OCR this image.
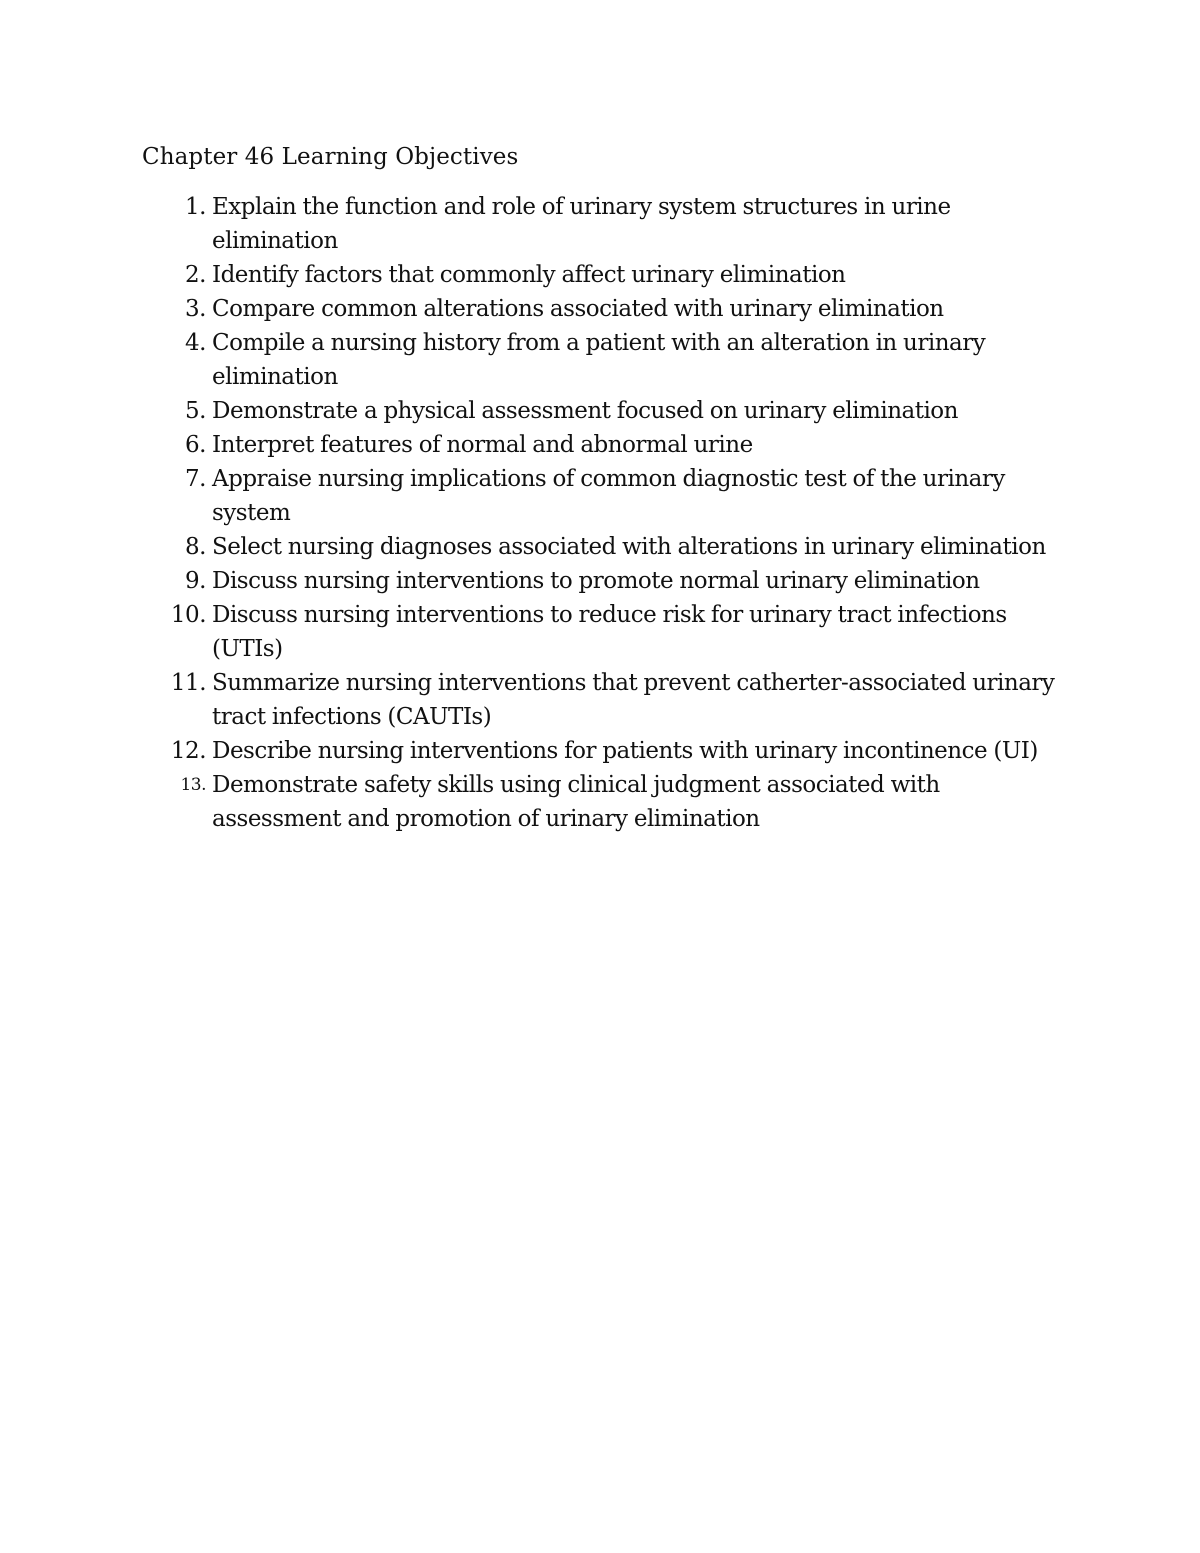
Chapter 46 Learning Objectives
1. Explain the function and role of urinary system structures in urine elimination
2. Identify factors that commonly affect urinary elimination
3. Compare common alterations associated with urinary elimination
4. Compile a nursing history from a patient with an alteration in urinary elimination
5. Demonstrate a physical assessment focused on urinary elimination
6. Interpret features of normal and abnormal urine
7. Appraise nursing implications of common diagnostic test of the urinary system
8. Select nursing diagnoses associated with alterations in urinary elimination
9. Discuss nursing interventions to promote normal urinary elimination
10. Discuss nursing interventions to reduce risk for urinary tract infections (UTIs)
11. Summarize nursing interventions that prevent catherter-associated urinary tract infections (CAUTIs)
12. Describe nursing interventions for patients with urinary incontinence (UI)
13. Demonstrate safety skills using clinical judgment associated with assessment and promotion of urinary elimination
